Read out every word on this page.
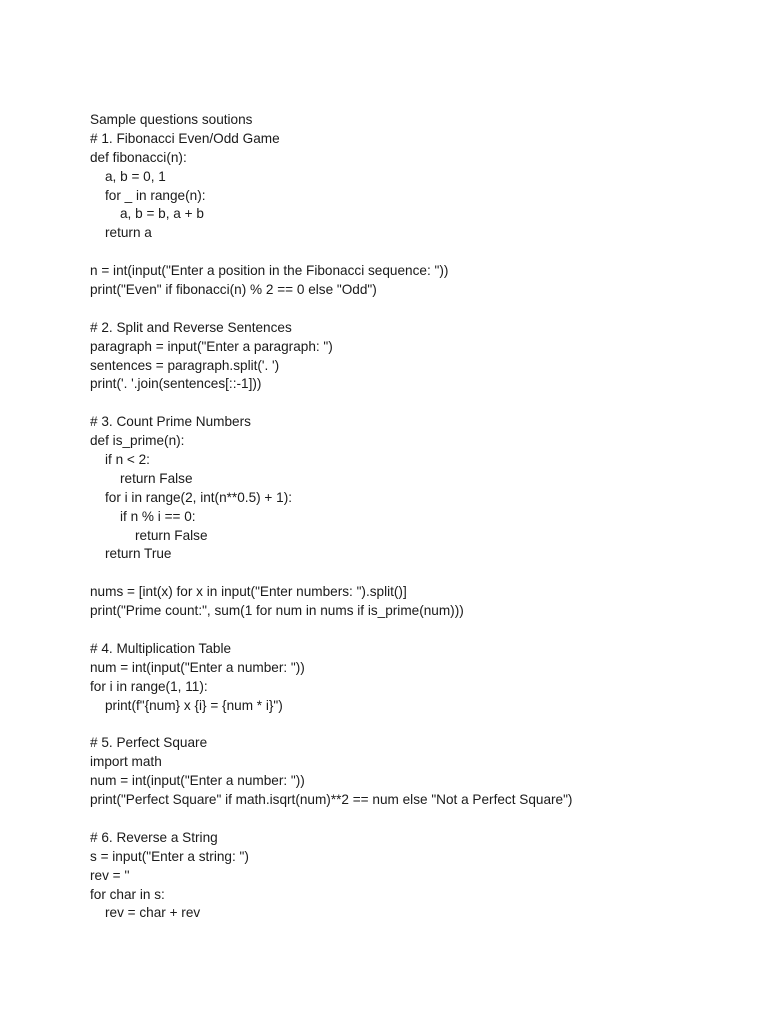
Sample questions soutions
# 1. Fibonacci Even/Odd Game
def fibonacci(n):
a, b = 0, 1
for _ in range(n):
a, b = b, a + b
return a
n = int(input("Enter a position in the Fibonacci sequence: "))
print("Even" if fibonacci(n) % 2 == 0 else "Odd")
# 2. Split and Reverse Sentences
paragraph = input("Enter a paragraph: ")
sentences = paragraph.split('. ')
print('. '.join(sentences[::-1]))
# 3. Count Prime Numbers
def is_prime(n):
if n < 2:
return False
for i in range(2, int(n**0.5) + 1):
if n % i == 0:
return False
return True
nums = [int(x) for x in input("Enter numbers: ").split()]
print("Prime count:", sum(1 for num in nums if is_prime(num)))
# 4. Multiplication Table
num = int(input("Enter a number: "))
for i in range(1, 11):
print(f"{num} x {i} = {num * i}")
# 5. Perfect Square
import math
num = int(input("Enter a number: "))
print("Perfect Square" if math.isqrt(num)**2 == num else "Not a Perfect Square")
# 6. Reverse a String
s = input("Enter a string: ")
rev = ''
for char in s:
rev = char + rev
